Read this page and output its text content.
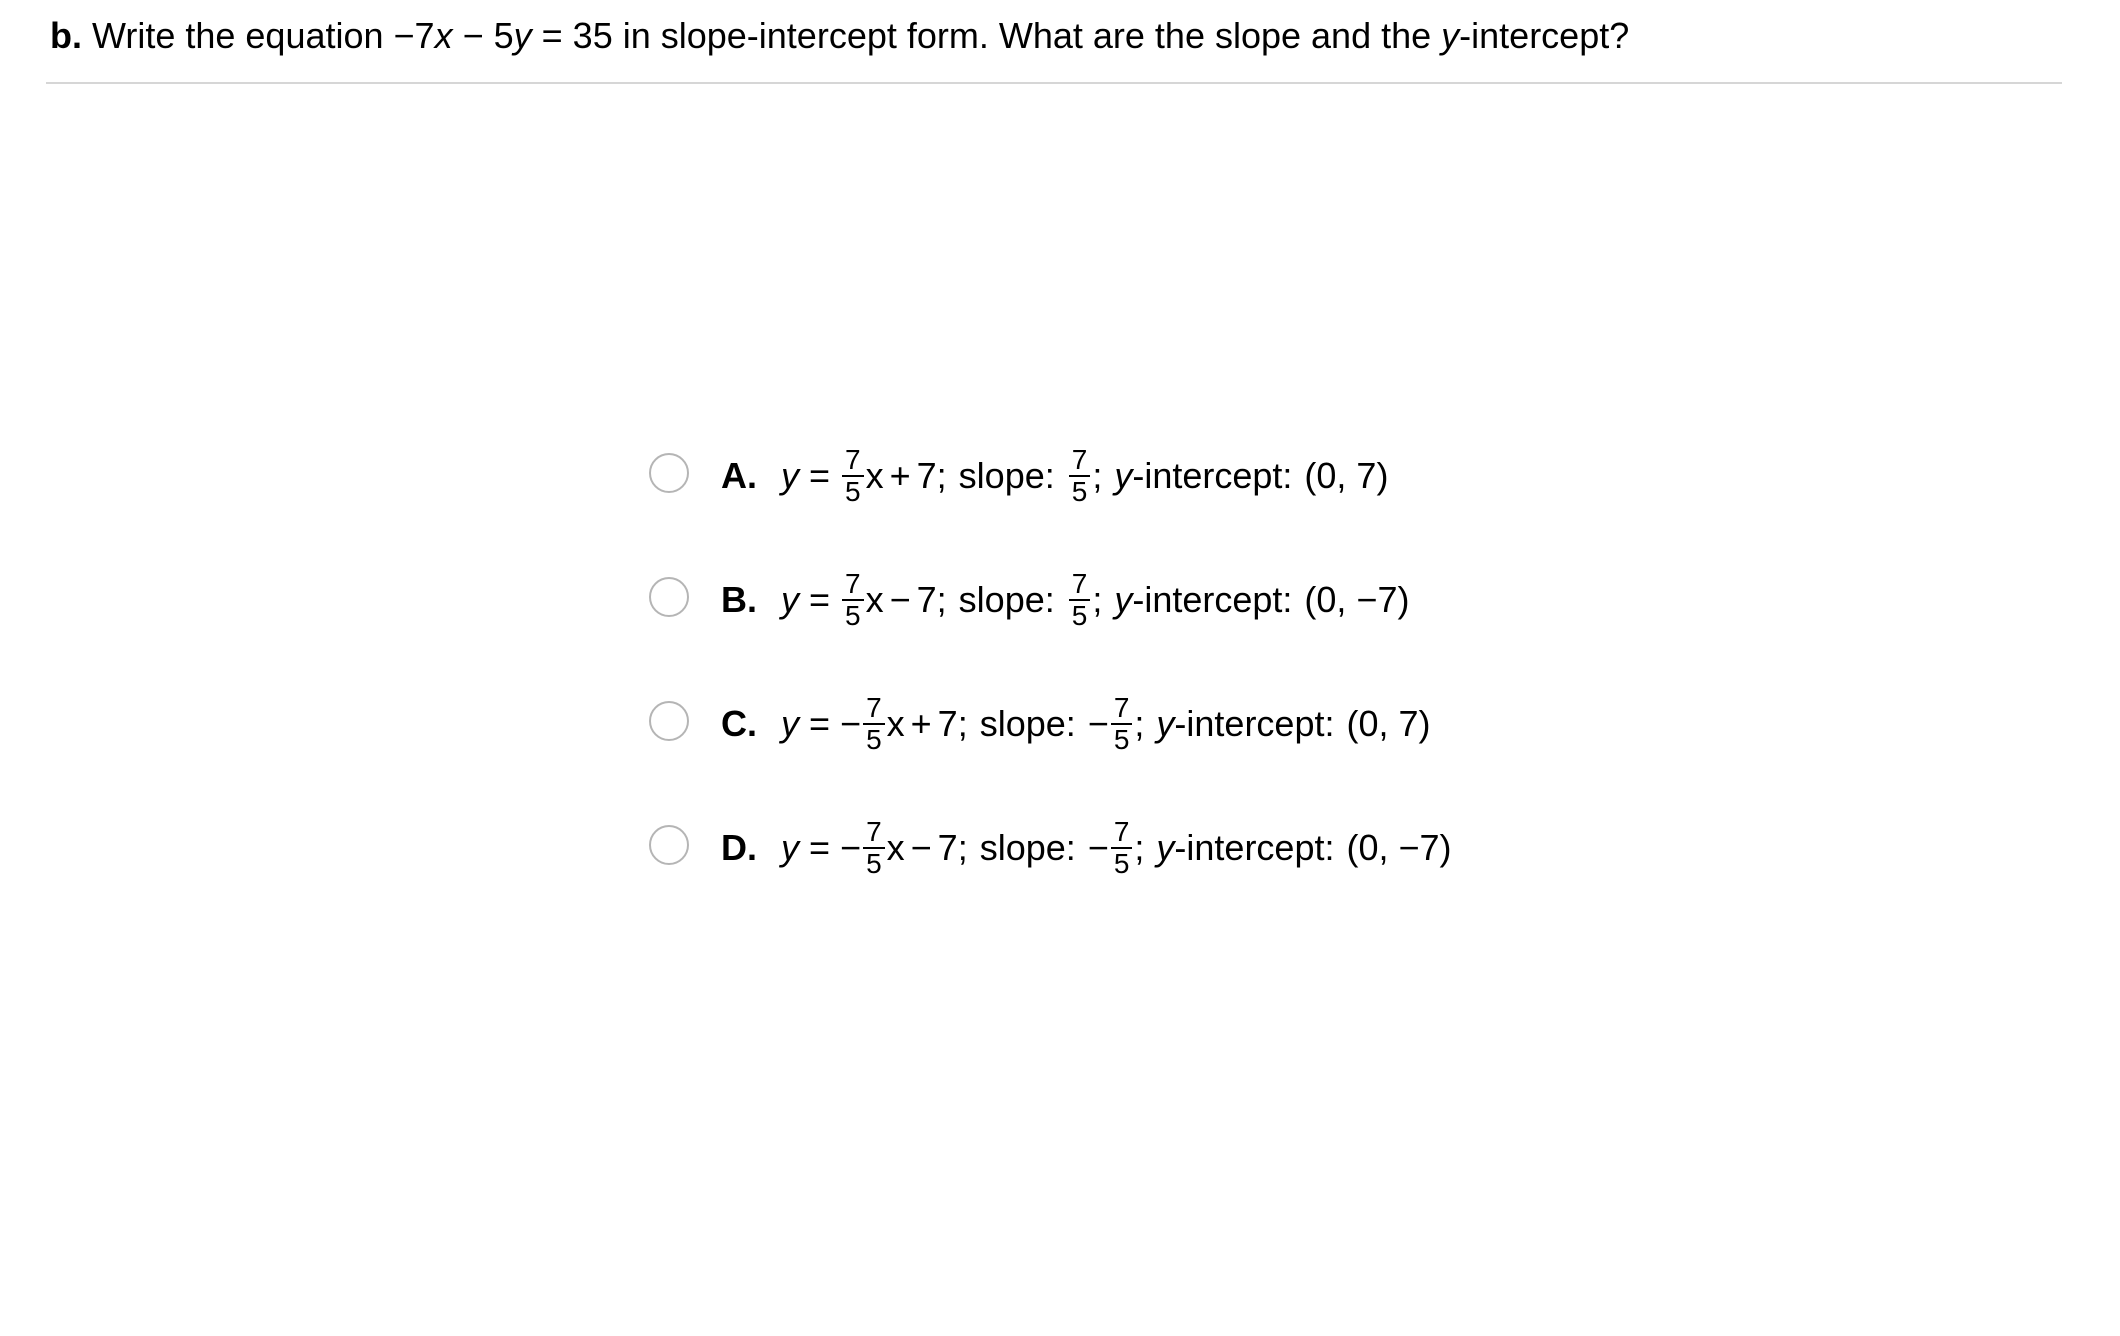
b. Write the equation −7x − 5y = 35 in slope-intercept form. What are the slope and the y-intercept?
A. $y = \frac{7}{5}$ x + 7; slope: $\frac{7}{5}$ ; y -intercept: (0, 7)
B. $y = \frac{7}{5}$ x − 7; slope: $\frac{7}{5}$ ; y -intercept: (0, −7)
C. y = − $\frac{7}{5}$ x + 7; slope: − $\frac{7}{5}$ ; y -intercept: (0, 7)
D. y = − $\frac{7}{5}$ x − 7; slope: − $\frac{7}{5}$ ; y -intercept: (0, −7)
